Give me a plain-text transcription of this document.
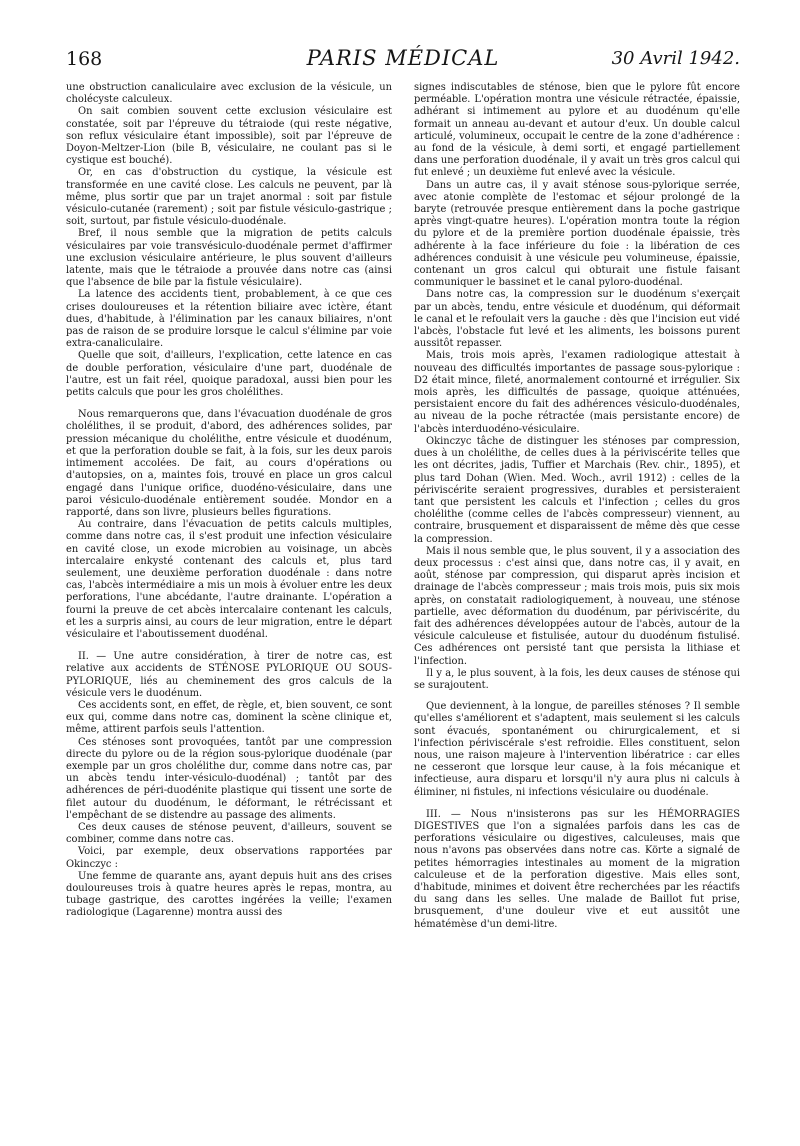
168	PARIS MÉDICAL	30 Avril 1942.

une obstruction canaliculaire avec exclusion de la vésicule, un cholécyste calculeux.

On sait combien souvent cette exclusion vésiculaire est constatée, soit par l'épreuve du tétraiode (qui reste négative, son reflux vésiculaire étant impossible), soit par l'épreuve de Doyon-Meltzer-Lion (bile B, vésiculaire, ne coulant pas si le cystique est bouché).

Or, en cas d'obstruction du cystique, la vésicule est transformée en une cavité close. Les calculs ne peuvent, par là même, plus sortir que par un trajet anormal : soit par fistule vésiculo-cutanée (rarement) ; soit par fistule vésiculo-gastrique ; soit, surtout, par fistule vésiculo-duodénale.

Bref, il nous semble que la migration de petits calculs vésiculaires par voie transvésiculo-duodénale permet d'affirmer une exclusion vésiculaire antérieure, le plus souvent d'ailleurs latente, mais que le tétraiode a prouvée dans notre cas (ainsi que l'absence de bile par la fistule vésiculaire).

La latence des accidents tient, probablement, à ce que ces crises douloureuses et la rétention biliaire avec ictère, étant dues, d'habitude, à l'élimination par les canaux biliaires, n'ont pas de raison de se produire lorsque le calcul s'élimine par voie extra-canaliculaire.

Quelle que soit, d'ailleurs, l'explication, cette latence en cas de double perforation, vésiculaire d'une part, duodénale de l'autre, est un fait réel, quoique paradoxal, aussi bien pour les petits calculs que pour les gros cholélithes.

Nous remarquerons que, dans l'évacuation duodénale de gros cholélithes, il se produit, d'abord, des adhérences solides, par pression mécanique du cholélithe, entre vésicule et duodénum, et que la perforation double se fait, à la fois, sur les deux parois intimement accolées. De fait, au cours d'opérations ou d'autopsies, on a, maintes fois, trouvé en place un gros calcul engagé dans l'unique orifice, duodéno-vésiculaire, dans une paroi vésiculo-duodénale entièrement soudée. Mondor en a rapporté, dans son livre, plusieurs belles figurations.

Au contraire, dans l'évacuation de petits calculs multiples, comme dans notre cas, il s'est produit une infection vésiculaire en cavité close, un exode microbien au voisinage, un abcès intercalaire enkysté contenant des calculs et, plus tard seulement, une deuxième perforation duodénale : dans notre cas, l'abcès intermédiaire a mis un mois à évoluer entre les deux perforations, l'une abcédante, l'autre drainante. L'opération a fourni la preuve de cet abcès intercalaire contenant les calculs, et les a surpris ainsi, au cours de leur migration, entre le départ vésiculaire et l'aboutissement duodénal.

II. — Une autre considération, à tirer de notre cas, est relative aux accidents de STÉNOSE PYLORIQUE OU SOUS-PYLORIQUE, liés au cheminement des gros calculs de la vésicule vers le duodénum.

Ces accidents sont, en effet, de règle, et, bien souvent, ce sont eux qui, comme dans notre cas, dominent la scène clinique et, même, attirent parfois seuls l'attention.

Ces sténoses sont provoquées, tantôt par une compression directe du pylore ou de la région sous-pylorique duodénale (par exemple par un gros cholélithe dur, comme dans notre cas, par un abcès tendu inter-vésiculo-duodénal) ; tantôt par des adhérences de péri-duodénite plastique qui tissent une sorte de filet autour du duodénum, le déformant, le rétrécissant et l'empêchant de se distendre au passage des aliments.

Ces deux causes de sténose peuvent, d'ailleurs, souvent se combiner, comme dans notre cas.

Voici, par exemple, deux observations rapportées par Okinczyc :

Une femme de quarante ans, ayant depuis huit ans des crises douloureuses trois à quatre heures après le repas, montra, au tubage gastrique, des carottes ingérées la veille; l'examen radiologique (Lagarenne) montra aussi des

signes indiscutables de sténose, bien que le pylore fût encore perméable. L'opération montra une vésicule rétractée, épaissie, adhérant si intimement au pylore et au duodénum qu'elle formait un anneau au-devant et autour d'eux. Un double calcul articulé, volumineux, occupait le centre de la zone d'adhérence : au fond de la vésicule, à demi sorti, et engagé partiellement dans une perforation duodénale, il y avait un très gros calcul qui fut enlevé ; un deuxième fut enlevé avec la vésicule.

Dans un autre cas, il y avait sténose sous-pylorique serrée, avec atonie complète de l'estomac et séjour prolongé de la baryte (retrouvée presque entièrement dans la poche gastrique après vingt-quatre heures). L'opération montra toute la région du pylore et de la première portion duodénale épaissie, très adhérente à la face inférieure du foie : la libération de ces adhérences conduisit à une vésicule peu volumineuse, épaissie, contenant un gros calcul qui obturait une fistule faisant communiquer le bassinet et le canal pyloro-duodénal.

Dans notre cas, la compression sur le duodénum s'exerçait par un abcès, tendu, entre vésicule et duodénum, qui déformait le canal et le refoulait vers la gauche : dès que l'incision eut vidé l'abcès, l'obstacle fut levé et les aliments, les boissons purent aussitôt repasser.

Mais, trois mois après, l'examen radiologique attestait à nouveau des difficultés importantes de passage sous-pylorique : D2 était mince, fileté, anormalement contourné et irrégulier. Six mois après, les difficultés de passage, quoique atténuées, persistaient encore du fait des adhérences vésiculo-duodénales, au niveau de la poche rétractée (mais persistante encore) de l'abcès interduodéno-vésiculaire.

Okinczyc tâche de distinguer les sténoses par compression, dues à un cholélithe, de celles dues à la périviscérite telles que les ont décrites, jadis, Tuffier et Marchais (Rev. chir., 1895), et plus tard Dohan (Wien. Med. Woch., avril 1912) : celles de la périviscérite seraient progressives, durables et persisteraient tant que persistent les calculs et l'infection ; celles du gros cholélithe (comme celles de l'abcès compresseur) viennent, au contraire, brusquement et disparaissent de même dès que cesse la compression.

Mais il nous semble que, le plus souvent, il y a association des deux processus : c'est ainsi que, dans notre cas, il y avait, en août, sténose par compression, qui disparut après incision et drainage de l'abcès compresseur ; mais trois mois, puis six mois après, on constatait radiologiquement, à nouveau, une sténose partielle, avec déformation du duodénum, par périviscérite, du fait des adhérences développées autour de l'abcès, autour de la vésicule calculeuse et fistulisée, autour du duodénum fistulisé. Ces adhérences ont persisté tant que persista la lithiase et l'infection.

Il y a, le plus souvent, à la fois, les deux causes de sténose qui se surajoutent.

Que deviennent, à la longue, de pareilles sténoses ? Il semble qu'elles s'améliorent et s'adaptent, mais seulement si les calculs sont évacués, spontanément ou chirurgicalement, et si l'infection périviscérale s'est refroidie. Elles constituent, selon nous, une raison majeure à l'intervention libératrice : car elles ne cesseront que lorsque leur cause, à la fois mécanique et infectieuse, aura disparu et lorsqu'il n'y aura plus ni calculs à éliminer, ni fistules, ni infections vésiculaire ou duodénale.

III. — Nous n'insisterons pas sur les HÉMORRAGIES DIGESTIVES que l'on a signalées parfois dans les cas de perforations vésiculaire ou digestives, calculeuses, mais que nous n'avons pas observées dans notre cas. Körte a signalé de petites hémorragies intestinales au moment de la migration calculeuse et de la perforation digestive. Mais elles sont, d'habitude, minimes et doivent être recherchées par les réactifs du sang dans les selles. Une malade de Baillot fut prise, brusquement, d'une douleur vive et eut aussitôt une hématémèse d'un demi-litre.
